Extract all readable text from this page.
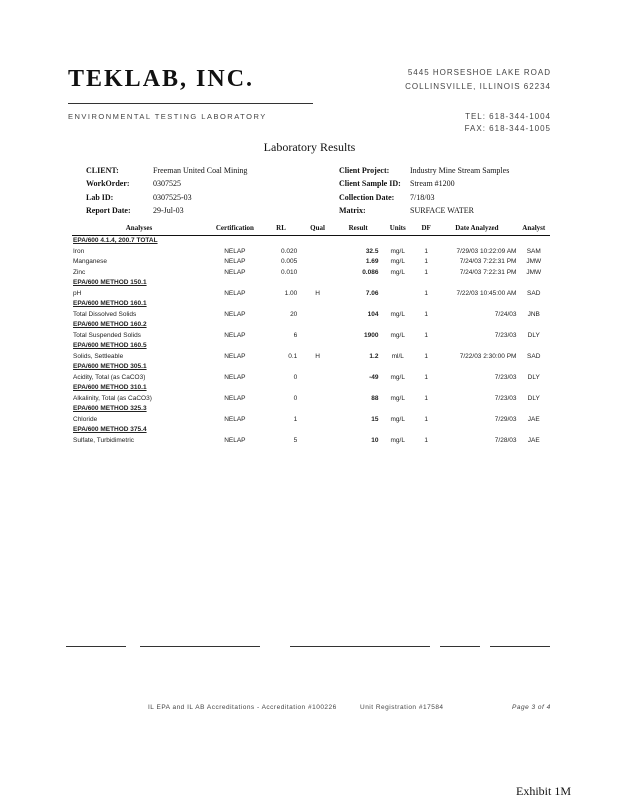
TEKLAB, INC.	5445 HORSESHOE LAKE ROAD
COLLINSVILLE, ILLINOIS 62234
ENVIRONMENTAL TESTING LABORATORY	TEL: 618-344-1004
FAX: 618-344-1005
Laboratory Results
CLIENT:	Freeman United Coal Mining
WorkOrder:	0307525
Lab ID:	0307525-03
Report Date:	29-Jul-03
Client Project:	Industry Mine Stream Samples
Client Sample ID: Stream #1200
Collection Date: 7/18/03
Matrix:	SURFACE WATER
Analyses	Certification	RL	Qual	Result	Units	DF	Date Analyzed	Analyst
EPA/600 4.1.4, 200.7 TOTAL								
Iron	NELAP	0.020		32.5	mg/L	1	7/29/03 10:22:09 AM	SAM
Manganese	NELAP	0.005		1.69	mg/L	1	7/24/03 7:22:31 PM	JMW
Zinc	NELAP	0.010		0.086	mg/L	1	7/24/03 7:22:31 PM	JMW
EPA/600 METHOD 150.1								
pH	NELAP	1.00	H	7.06		1	7/22/03 10:45:00 AM	SAD
EPA/600 METHOD 160.1								
Total Dissolved Solids	NELAP	20		104	mg/L	1	7/24/03	JNB
EPA/600 METHOD 160.2								
Total Suspended Solids	NELAP	6		1900	mg/L	1	7/23/03	DLY
EPA/600 METHOD 160.5								
Solids, Settleable	NELAP	0.1	H	1.2	ml/L	1	7/22/03 2:30:00 PM	SAD
EPA/600 METHOD 305.1								
Acidity, Total (as CaCO3)	NELAP	0		-49	mg/L	1	7/23/03	DLY
EPA/600 METHOD 310.1								
Alkalinity, Total (as CaCO3)	NELAP	0		88	mg/L	1	7/23/03	DLY
EPA/600 METHOD 325.3								
Chloride	NELAP	1		15	mg/L	1	7/29/03	JAE
EPA/600 METHOD 375.4								
Sulfate, Turbidimetric	NELAP	5		10	mg/L	1	7/28/03	JAE
IL EPA and IL AB Accreditations - Accreditation #100226	Unit Registration #17584	Page 3 of 4
Exhibit 1M
